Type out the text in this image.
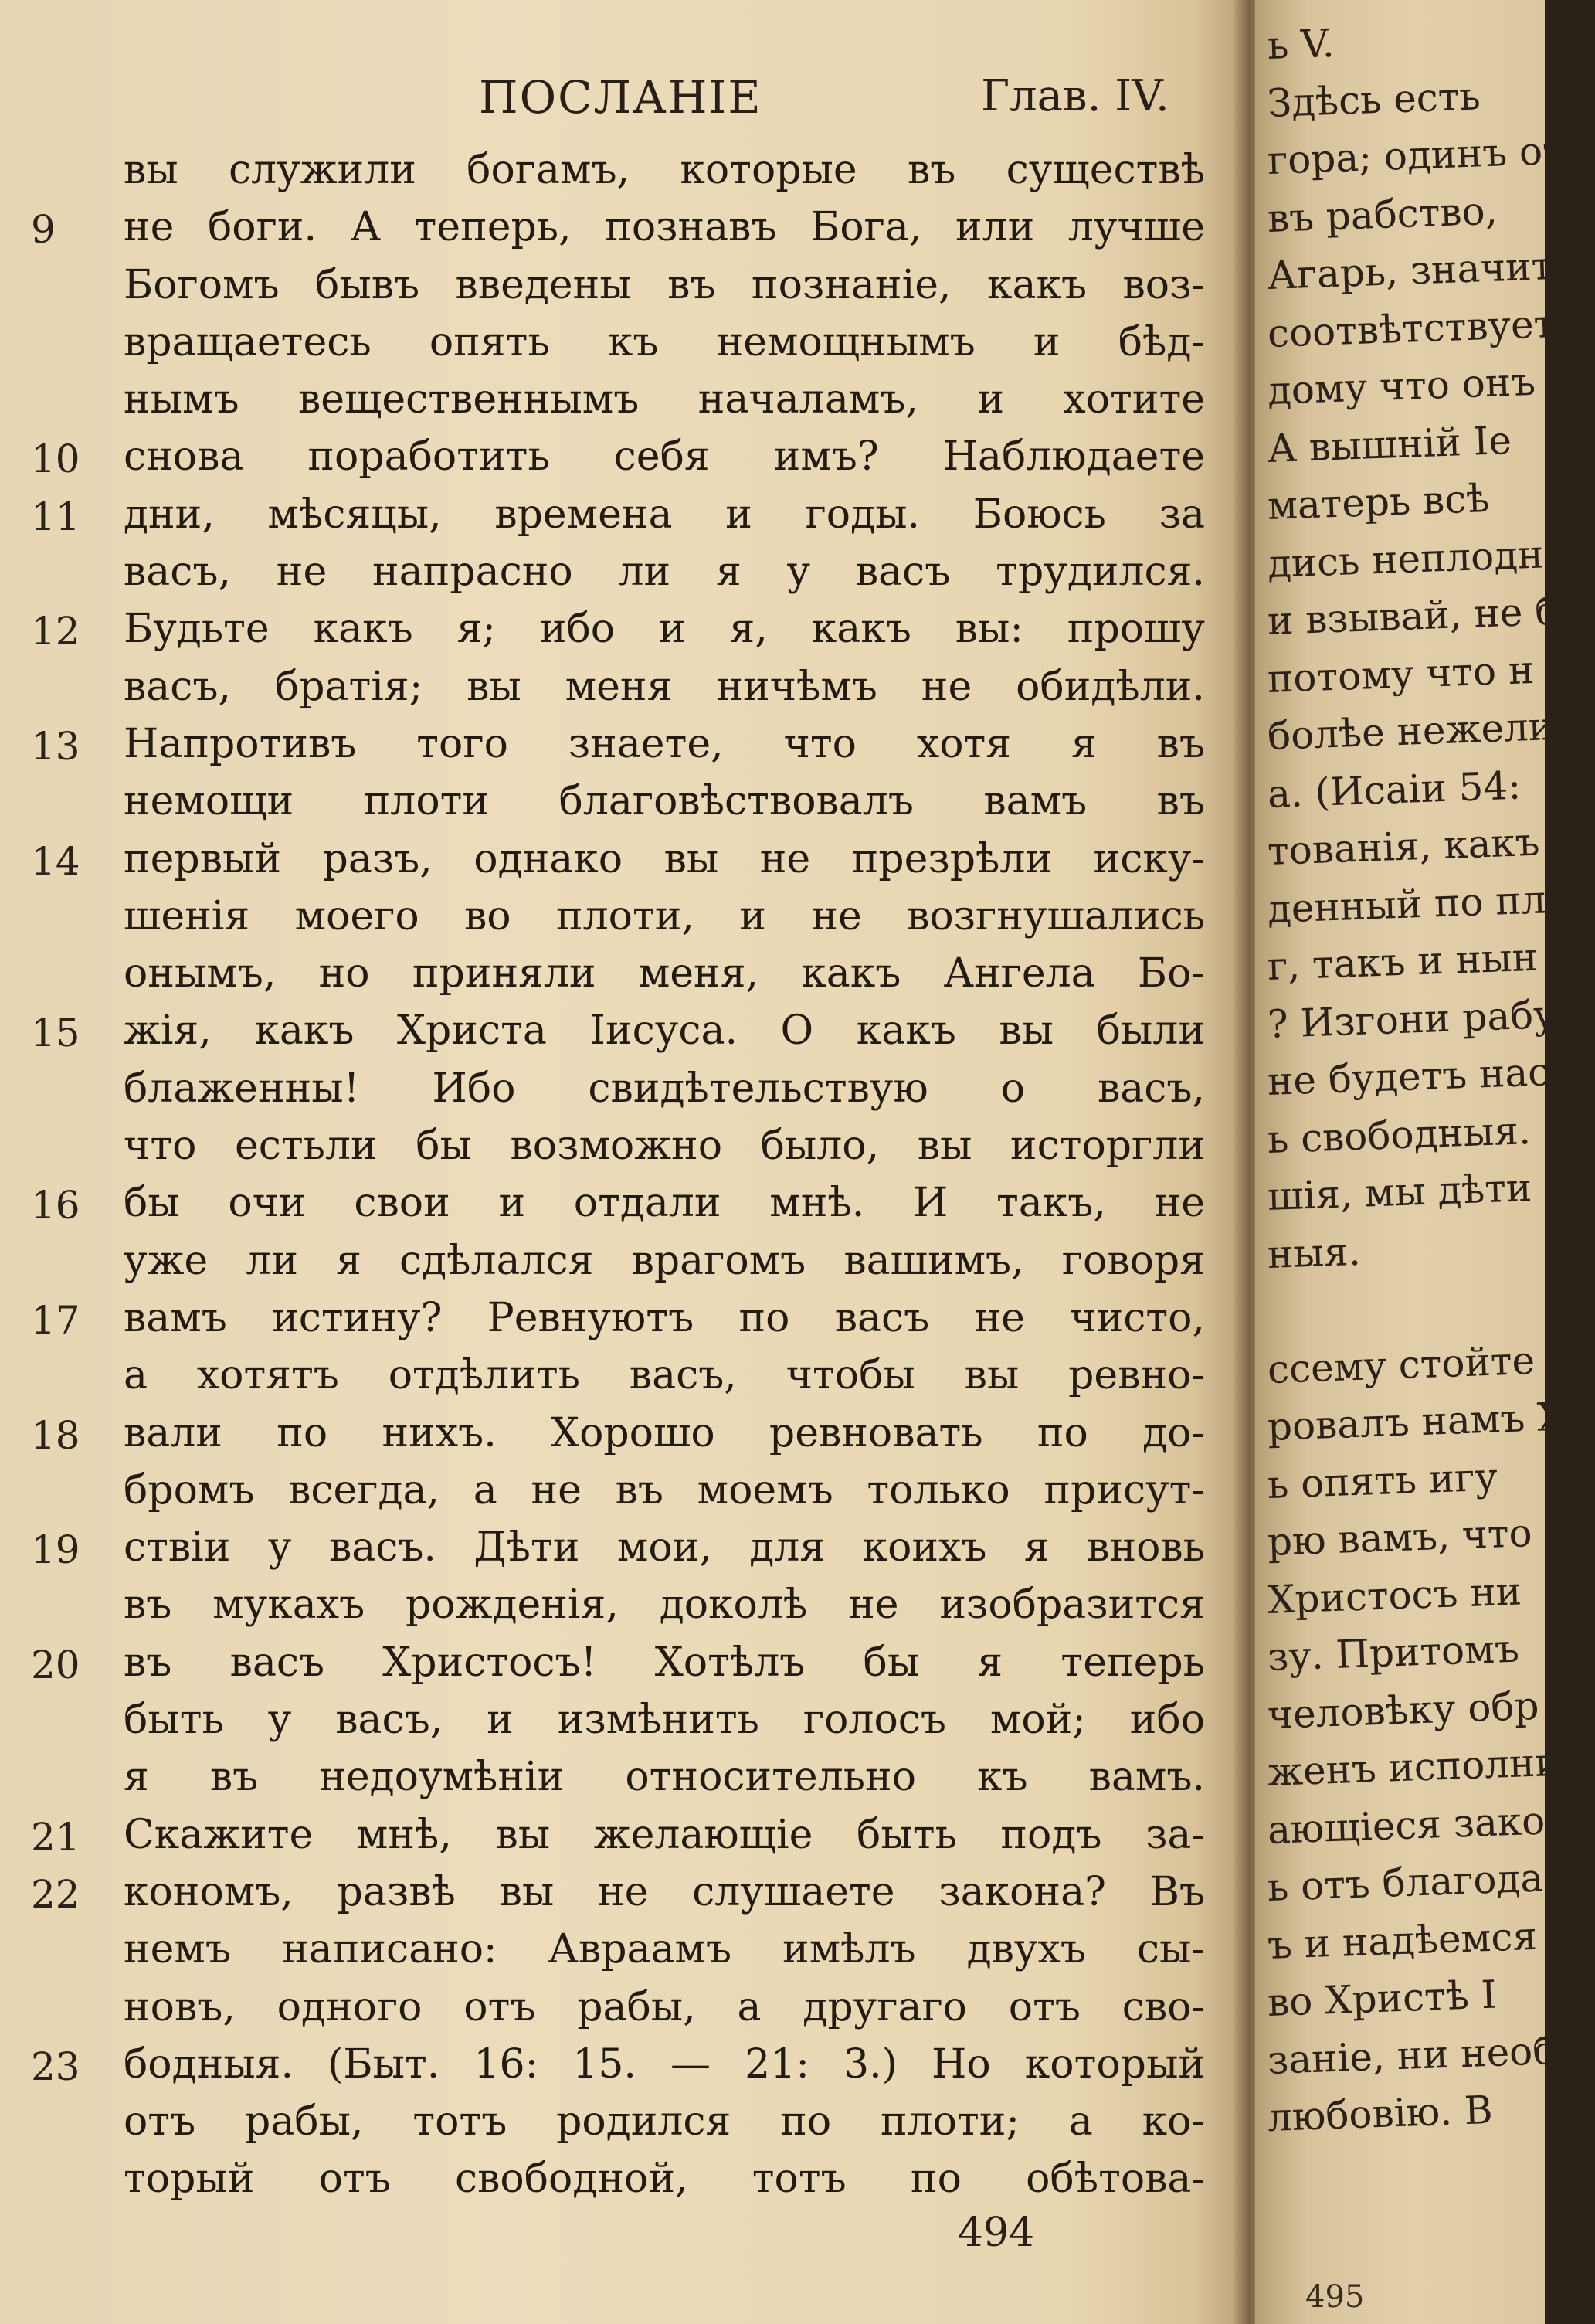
ПОСЛАНІЕ	Глав. IV.
вы служили богамъ, которые въ существѣ
9	не боги. А теперь, познавъ Бога, или лучше
Богомъ бывъ введены въ познаніе, какъ воз-
вращаетесь опять къ немощнымъ и бѣд-
нымъ вещественнымъ началамъ, и хотите
10	снова поработить себя имъ? Наблюдаете
11	дни, мѣсяцы, времена и годы. Боюсь за
васъ, не напрасно ли я у васъ трудился.
12	Будьте какъ я; ибо и я, какъ вы: прошу
васъ, братія; вы меня ничѣмъ не обидѣли.
13	Напротивъ того знаете, что хотя я въ
немощи плоти благовѣствовалъ вамъ въ
14	первый разъ, однако вы не презрѣли иску-
шенія моего во плоти, и не возгнушались
онымъ, но приняли меня, какъ Ангела Бо-
15	жія, какъ Христа Іисуса. О какъ вы были
блаженны! Ибо свидѣтельствую о васъ,
что естьли бы возможно было, вы исторгли
16	бы очи свои и отдали мнѣ. И такъ, не
уже ли я сдѣлался врагомъ вашимъ, говоря
17	вамъ истину? Ревнуютъ по васъ не чисто,
а хотятъ отдѣлить васъ, чтобы вы ревно-
18	вали по нихъ. Хорошо ревновать по до-
бромъ всегда, а не въ моемъ только присут-
19	ствіи у васъ. Дѣти мои, для коихъ я вновь
въ мукахъ рожденія, доколѣ не изобразится
20	въ васъ Христосъ! Хотѣлъ бы я теперь
быть у васъ, и измѣнить голосъ мой; ибо
я въ недоумѣніи относительно къ вамъ.
21	Скажите мнѣ, вы желающіе быть подъ за-
22	кономъ, развѣ вы не слушаете закона? Въ
немъ написано: Авраамъ имѣлъ двухъ сы-
новъ, одного отъ рабы, а другаго отъ сво-
23	бодныя. (Быт. 16: 15. — 21: 3.) Но который
отъ рабы, тотъ родился по плоти; а ко-
торый отъ свободной, тотъ по обѣтова-
494
ь V.
Здѣсь есть
гора; одинъ отъ
въ рабство,
Агарь, значит
соотвѣтствуетъ
дому что онъ въ
А вышній Іе
матерь всѣ
дись неплодная
и взывай, не б
потому что н
болѣе нежели
а. (Исаіи 54:
тованія, какъ
денный по пло
г, такъ и нын
? Изгони рабу
не будетъ насл
ь свободныя.
шія, мы дѣти
ныя.
ссему стойте
ровалъ намъ Х
ь опять игу
рю вамъ, что
Христосъ ни
зу. Притомъ
человѣку обр
женъ исполнит
ающіеся закон
ь отъ благода
ъ и надѣемся
во Христѣ І
заніе, ни необ
любовію. В
495
